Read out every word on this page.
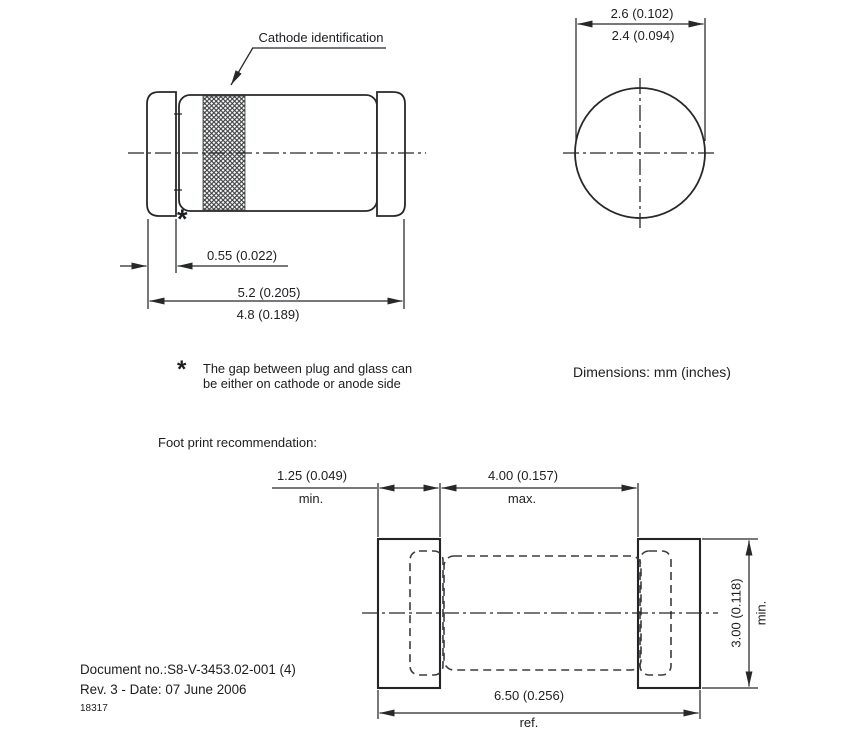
Cathode identification
*
0.55 (0.022)
5.2 (0.205)
4.8 (0.189)
2.6 (0.102)
2.4 (0.094)
* The gap between plug and glass can
be either on cathode or anode side
Dimensions: mm (inches)
Foot print recommendation:
1.25 (0.049)
min.
4.00 (0.157)
max.
6.50 (0.256)
ref.
3.00 (0.118) min.
Document no.:S8-V-3453.02-001 (4)
Rev. 3 - Date: 07 June 2006
18317
